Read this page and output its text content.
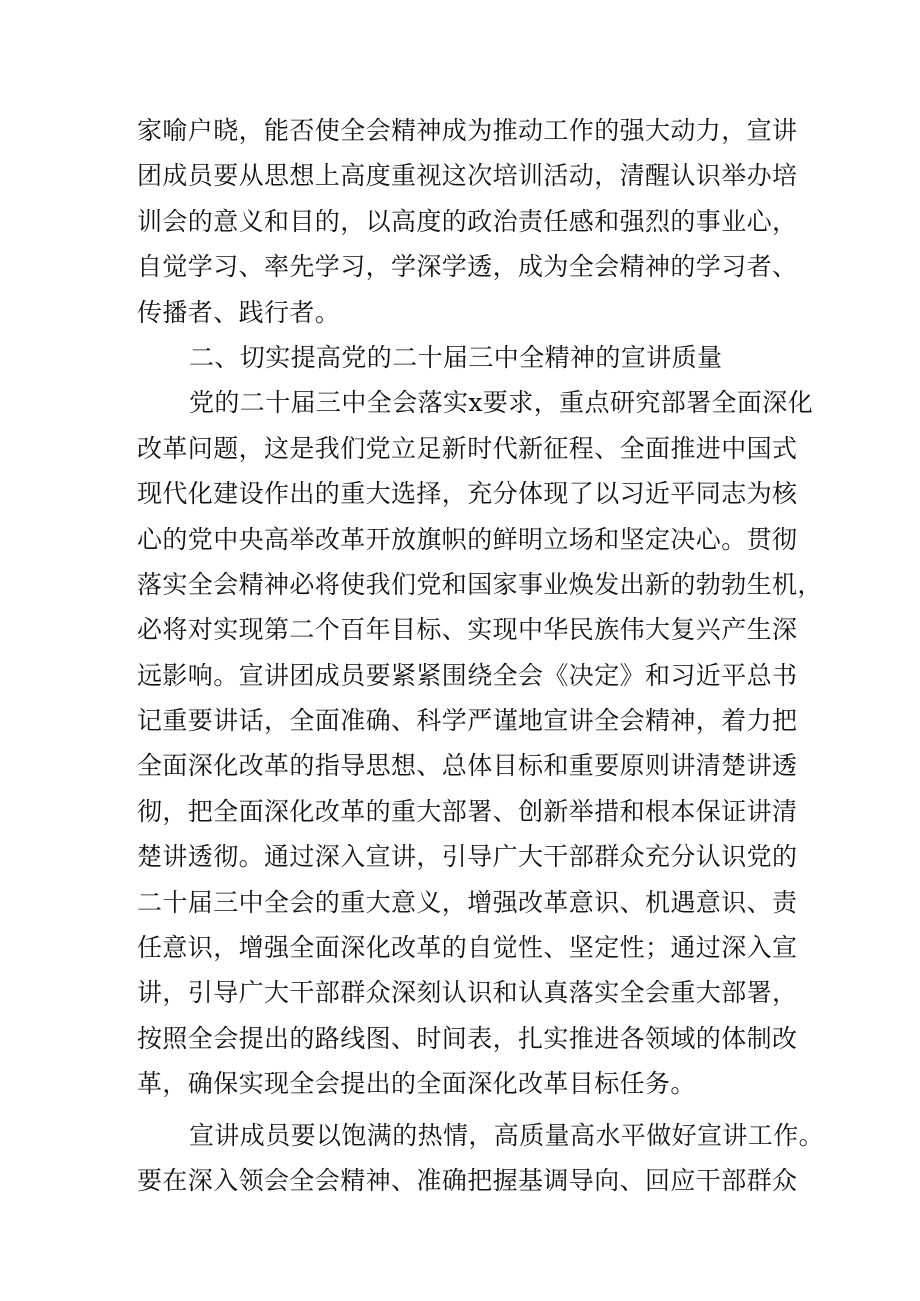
家喻户晓，能否使全会精神成为推动工作的强大动力，宣讲
团成员要从思想上高度重视这次培训活动，清醒认识举办培
训会的意义和目的，以高度的政治责任感和强烈的事业心，
自觉学习、率先学习，学深学透，成为全会精神的学习者、
传播者、践行者。
二、切实提高党的二十届三中全精神的宣讲质量
党的二十届三中全会落实x要求，重点研究部署全面深化
改革问题，这是我们党立足新时代新征程、全面推进中国式
现代化建设作出的重大选择，充分体现了以习近平同志为核
心的党中央高举改革开放旗帜的鲜明立场和坚定决心。贯彻
落实全会精神必将使我们党和国家事业焕发出新的勃勃生机，
必将对实现第二个百年目标、实现中华民族伟大复兴产生深
远影响。宣讲团成员要紧紧围绕全会《决定》和习近平总书
记重要讲话，全面准确、科学严谨地宣讲全会精神，着力把
全面深化改革的指导思想、总体目标和重要原则讲清楚讲透
彻，把全面深化改革的重大部署、创新举措和根本保证讲清
楚讲透彻。通过深入宣讲，引导广大干部群众充分认识党的
二十届三中全会的重大意义，增强改革意识、机遇意识、责
任意识，增强全面深化改革的自觉性、坚定性；通过深入宣
讲，引导广大干部群众深刻认识和认真落实全会重大部署，
按照全会提出的路线图、时间表，扎实推进各领域的体制改
革，确保实现全会提出的全面深化改革目标任务。
宣讲成员要以饱满的热情，高质量高水平做好宣讲工作。
要在深入领会全会精神、准确把握基调导向、回应干部群众
